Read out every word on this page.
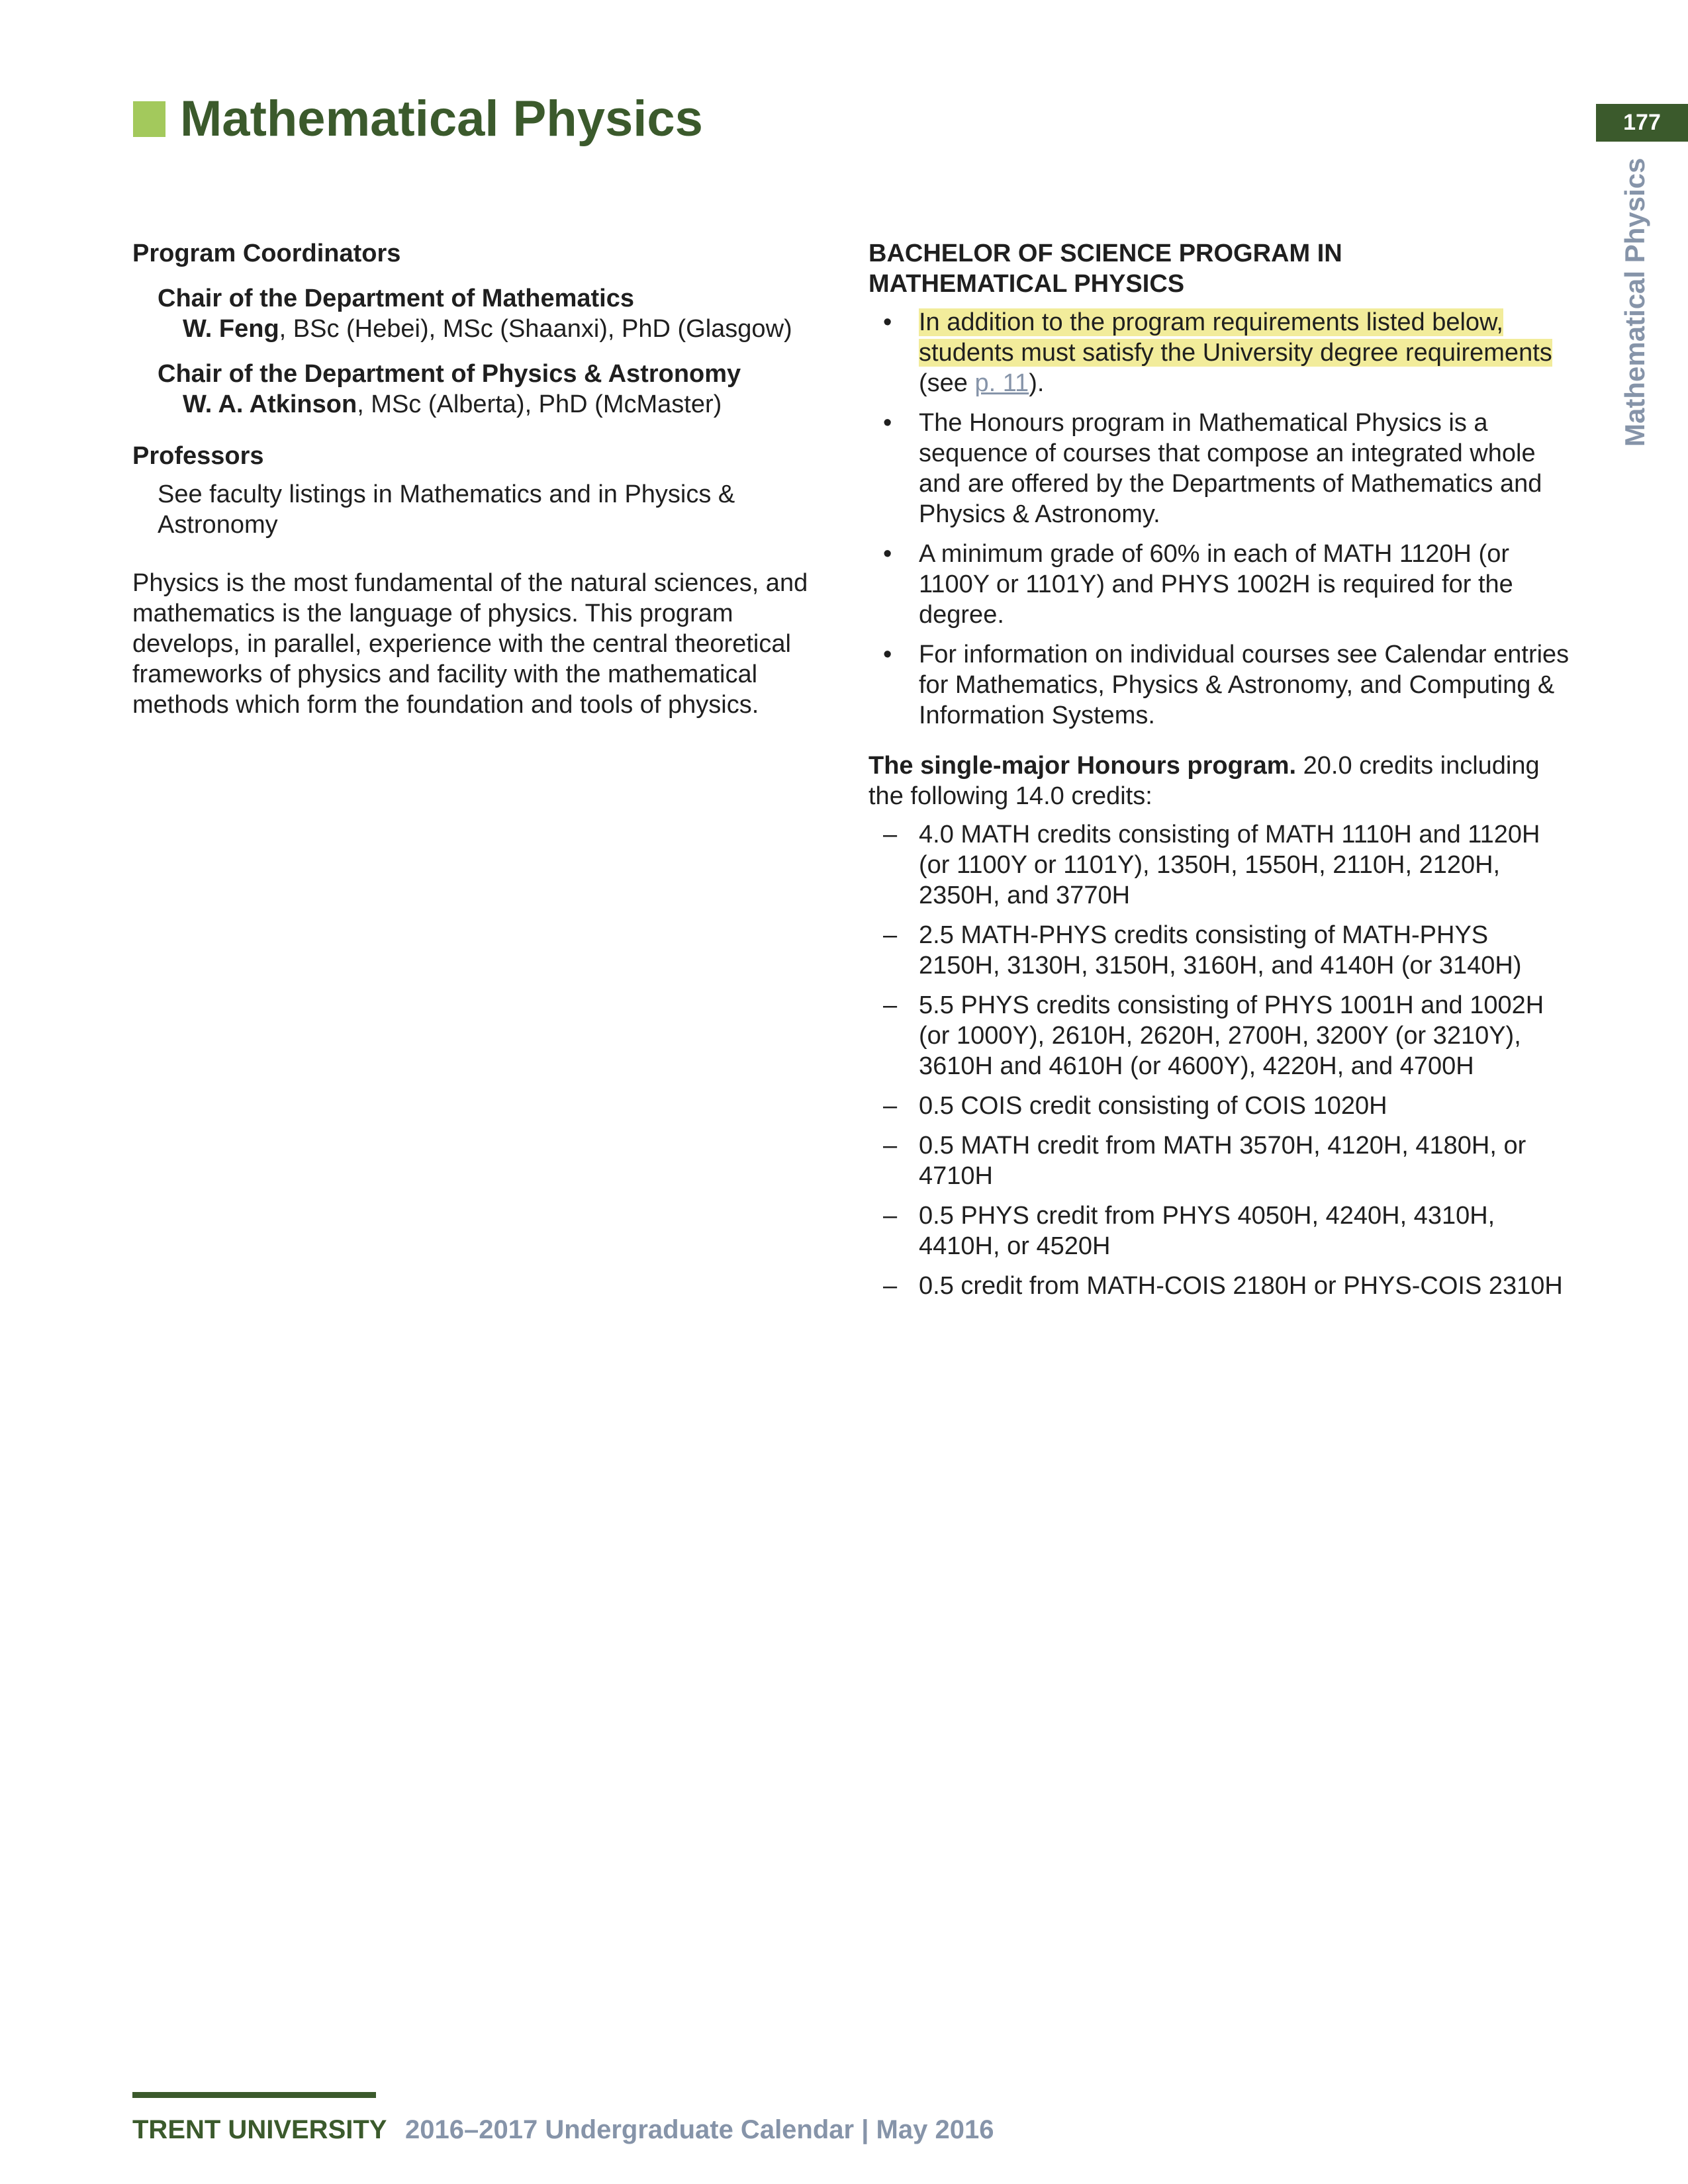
Mathematical Physics	177
Mathematical Physics

Program Coordinators

Chair of the Department of Mathematics

W. Feng, BSc (Hebei), MSc (Shaanxi), PhD (Glasgow)

Chair of the Department of Physics & Astronomy

W. A. Atkinson, MSc (Alberta), PhD (McMaster)

Professors

See faculty listings in Mathematics and in Physics & Astronomy

Physics is the most fundamental of the natural sciences, and mathematics is the language of physics. This program develops, in parallel, experience with the central theoretical frameworks of physics and facility with the mathematical methods which form the foundation and tools of physics.

BACHELOR OF SCIENCE PROGRAM IN
MATHEMATICAL PHYSICS

• In addition to the program requirements listed below, students must satisfy the University degree requirements (see p. 11).
• The Honours program in Mathematical Physics is a sequence of courses that compose an integrated whole and are offered by the Departments of Mathematics and Physics & Astronomy.
• A minimum grade of 60% in each of MATH 1120H (or 1100Y or 1101Y) and PHYS 1002H is required for the degree.
• For information on individual courses see Calendar entries for Mathematics, Physics & Astronomy, and Computing & Information Systems.

The single-major Honours program. 20.0 credits including the following 14.0 credits:

– 4.0 MATH credits consisting of MATH 1110H and 1120H (or 1100Y or 1101Y), 1350H, 1550H, 2110H, 2120H, 2350H, and 3770H
– 2.5 MATH-PHYS credits consisting of MATH-PHYS 2150H, 3130H, 3150H, 3160H, and 4140H (or 3140H)
– 5.5 PHYS credits consisting of PHYS 1001H and 1002H (or 1000Y), 2610H, 2620H, 2700H, 3200Y (or 3210Y), 3610H and 4610H (or 4600Y), 4220H, and 4700H
– 0.5 COIS credit consisting of COIS 1020H
– 0.5 MATH credit from MATH 3570H, 4120H, 4180H, or 4710H
– 0.5 PHYS credit from PHYS 4050H, 4240H, 4310H, 4410H, or 4520H
– 0.5 credit from MATH-COIS 2180H or PHYS-COIS 2310H
TRENT UNIVERSITY 2016–2017 Undergraduate Calendar | May 2016
